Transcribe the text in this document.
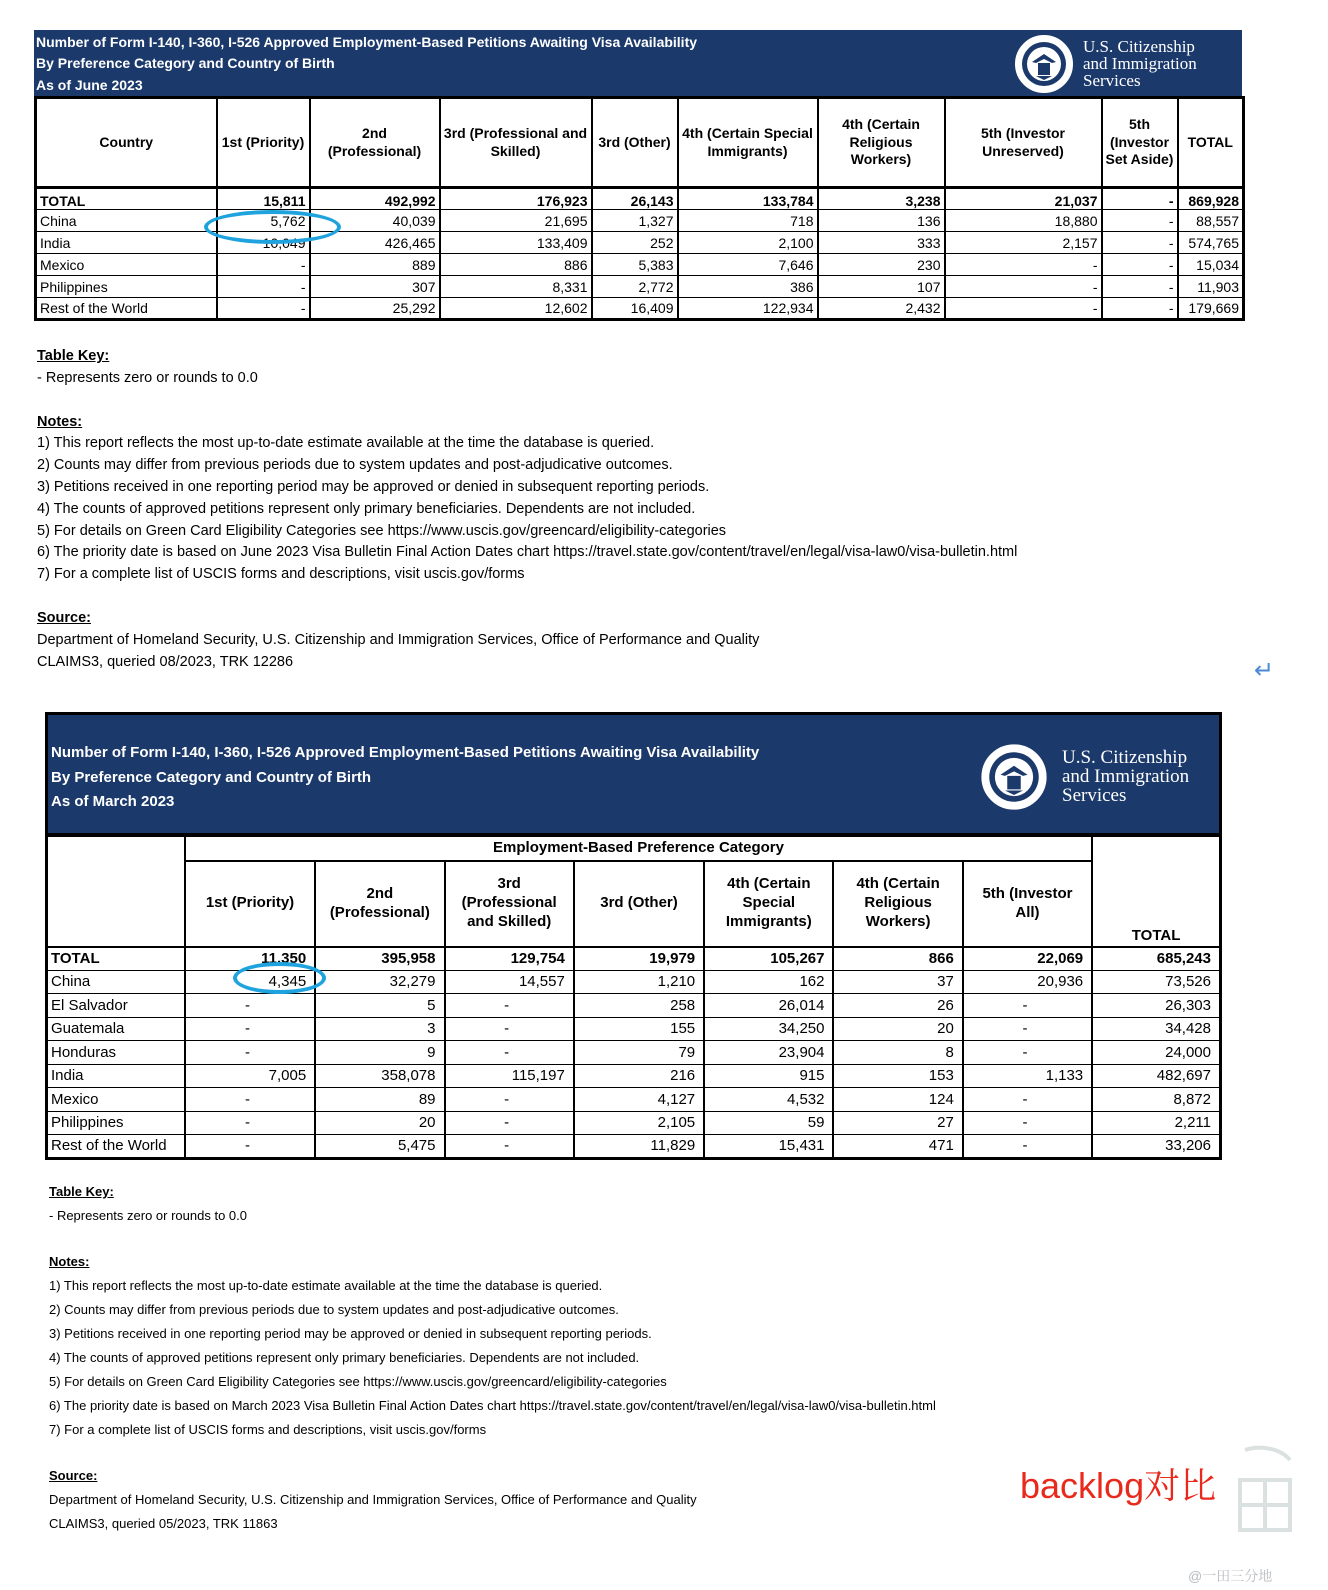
Number of Form I-140, I-360, I-526 Approved Employment-Based Petitions Awaiting Visa Availability
By Preference Category and Country of Birth
As of June 2023
U.S. Citizenship
and Immigration
Services
Country	1st (Priority)	2nd (Professional)	3rd (Professional and Skilled)	3rd (Other)	4th (Certain Special Immigrants)	4th (Certain Religious Workers)	5th (Investor Unreserved)	5th (Investor Set Aside)	TOTAL
TOTAL	15,811	492,992	176,923	26,143	133,784	3,238	21,037	-	869,928
China	5,762	40,039	21,695	1,327	718	136	18,880	-	88,557
India	10,049	426,465	133,409	252	2,100	333	2,157	-	574,765
Mexico	-	889	886	5,383	7,646	230	-	-	15,034
Philippines	-	307	8,331	2,772	386	107	-	-	11,903
Rest of the World	-	25,292	12,602	16,409	122,934	2,432	-	-	179,669
Table Key:
- Represents zero or rounds to 0.0
Notes:
1) This report reflects the most up-to-date estimate available at the time the database is queried.
2) Counts may differ from previous periods due to system updates and post-adjudicative outcomes.
3) Petitions received in one reporting period may be approved or denied in subsequent reporting periods.
4) The counts of approved petitions represent only primary beneficiaries. Dependents are not included.
5) For details on Green Card Eligibility Categories see https://www.uscis.gov/greencard/eligibility-categories
6) The priority date is based on June 2023 Visa Bulletin Final Action Dates chart https://travel.state.gov/content/travel/en/legal/visa-law0/visa-bulletin.html
7) For a complete list of USCIS forms and descriptions, visit uscis.gov/forms
Source:
Department of Homeland Security, U.S. Citizenship and Immigration Services, Office of Performance and Quality
CLAIMS3, queried 08/2023, TRK 12286	↵
Number of Form I-140, I-360, I-526 Approved Employment-Based Petitions Awaiting Visa Availability
By Preference Category and Country of Birth
As of March 2023
U.S. Citizenship
and Immigration
Services
	Employment-Based Preference Category							TOTAL
	1st (Priority)	2nd (Professional)	3rd (Professional and Skilled)	3rd (Other)	4th (Certain Special Immigrants)	4th (Certain Religious Workers)	5th (Investor All)	
TOTAL	11,350	395,958	129,754	19,979	105,267	866	22,069	685,243
China	4,345	32,279	14,557	1,210	162	37	20,936	73,526
El Salvador	-	5	-	258	26,014	26	-	26,303
Guatemala	-	3	-	155	34,250	20	-	34,428
Honduras	-	9	-	79	23,904	8	-	24,000
India	7,005	358,078	115,197	216	915	153	1,133	482,697
Mexico	-	89	-	4,127	4,532	124	-	8,872
Philippines	-	20	-	2,105	59	27	-	2,211
Rest of the World	-	5,475	-	11,829	15,431	471	-	33,206
Table Key:
- Represents zero or rounds to 0.0
Notes:
1) This report reflects the most up-to-date estimate available at the time the database is queried.
2) Counts may differ from previous periods due to system updates and post-adjudicative outcomes.
3) Petitions received in one reporting period may be approved or denied in subsequent reporting periods.
4) The counts of approved petitions represent only primary beneficiaries. Dependents are not included.
5) For details on Green Card Eligibility Categories see https://www.uscis.gov/greencard/eligibility-categories
6) The priority date is based on March 2023 Visa Bulletin Final Action Dates chart https://travel.state.gov/content/travel/en/legal/visa-law0/visa-bulletin.html
7) For a complete list of USCIS forms and descriptions, visit uscis.gov/forms
Source:
Department of Homeland Security, U.S. Citizenship and Immigration Services, Office of Performance and Quality
CLAIMS3, queried 05/2023, TRK 11863
backlog对比
@一田三分地
